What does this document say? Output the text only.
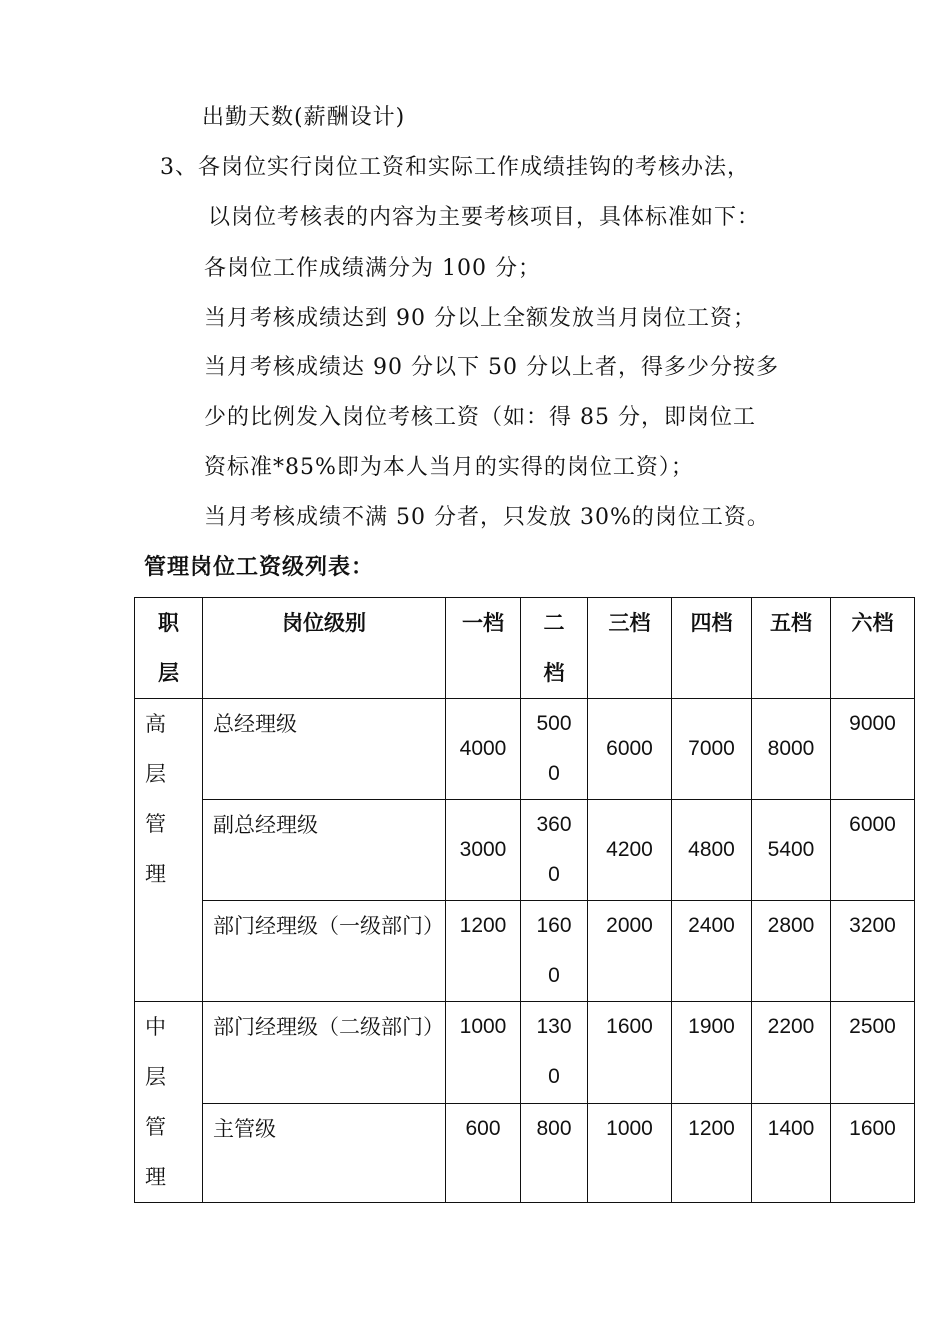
出勤天数(薪酬设计)
3、各岗位实行岗位工资和实际工作成绩挂钩的考核办法，
以岗位考核表的内容为主要考核项目，具体标准如下：
各岗位工作成绩满分为 100 分；
当月考核成绩达到 90 分以上全额发放当月岗位工资；
当月考核成绩达 90 分以下 50 分以上者，得多少分按多
少的比例发入岗位考核工资（如：得 85 分，即岗位工
资标准*85%即为本人当月的实得的岗位工资）；
当月考核成绩不满 50 分者，只发放 30%的岗位工资。
管理岗位工资级列表：
职层	岗位级别	一档	二档	三档	四档	五档	六档
高层管理	总经理级	4000	5000	6000	7000	8000	9000
	副总经理级	3000	3600	4200	4800	5400	6000
	部门经理级（一级部门）	1200	1600	2000	2400	2800	3200
中层管理	部门经理级（二级部门）	1000	1300	1600	1900	2200	2500
	主管级	600	800	1000	1200	1400	1600
